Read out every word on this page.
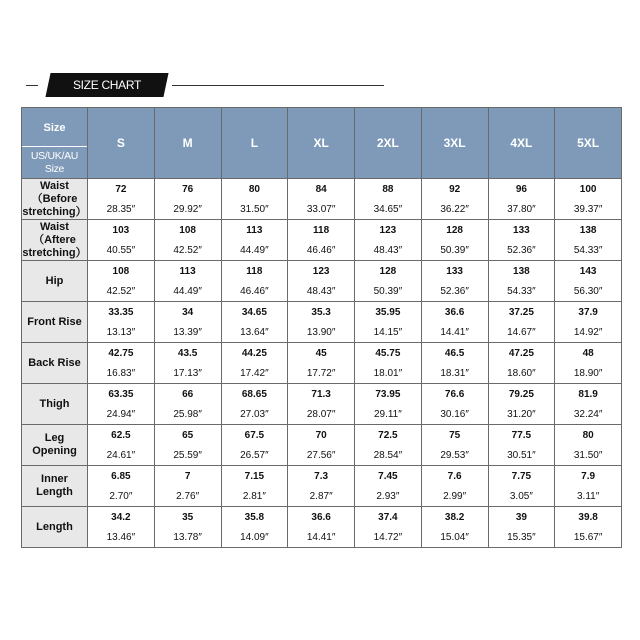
SIZE CHART
Size
US/UK/AU Size	S	M	L	XL	2XL	3XL	4XL	5XL
Waist （Before stretching）	72	76	80	84	88	92	96	100
	28.35″	29.92″	31.50″	33.07″	34.65″	36.22″	37.80″	39.37″
Waist （Aftere stretching）	103	108	113	118	123	128	133	138
	40.55″	42.52″	44.49″	46.46″	48.43″	50.39″	52.36″	54.33″
Hip	108	113	118	123	128	133	138	143
	42.52″	44.49″	46.46″	48.43″	50.39″	52.36″	54.33″	56.30″
Front Rise	33.35	34	34.65	35.3	35.95	36.6	37.25	37.9
	13.13″	13.39″	13.64″	13.90″	14.15″	14.41″	14.67″	14.92″
Back Rise	42.75	43.5	44.25	45	45.75	46.5	47.25	48
	16.83″	17.13″	17.42″	17.72″	18.01″	18.31″	18.60″	18.90″
Thigh	63.35	66	68.65	71.3	73.95	76.6	79.25	81.9
	24.94″	25.98″	27.03″	28.07″	29.11″	30.16″	31.20″	32.24″
Leg Opening	62.5	65	67.5	70	72.5	75	77.5	80
	24.61″	25.59″	26.57″	27.56″	28.54″	29.53″	30.51″	31.50″
Inner Length	6.85	7	7.15	7.3	7.45	7.6	7.75	7.9
	2.70″	2.76″	2.81″	2.87″	2.93″	2.99″	3.05″	3.11″
Length	34.2	35	35.8	36.6	37.4	38.2	39	39.8
	13.46″	13.78″	14.09″	14.41″	14.72″	15.04″	15.35″	15.67″
